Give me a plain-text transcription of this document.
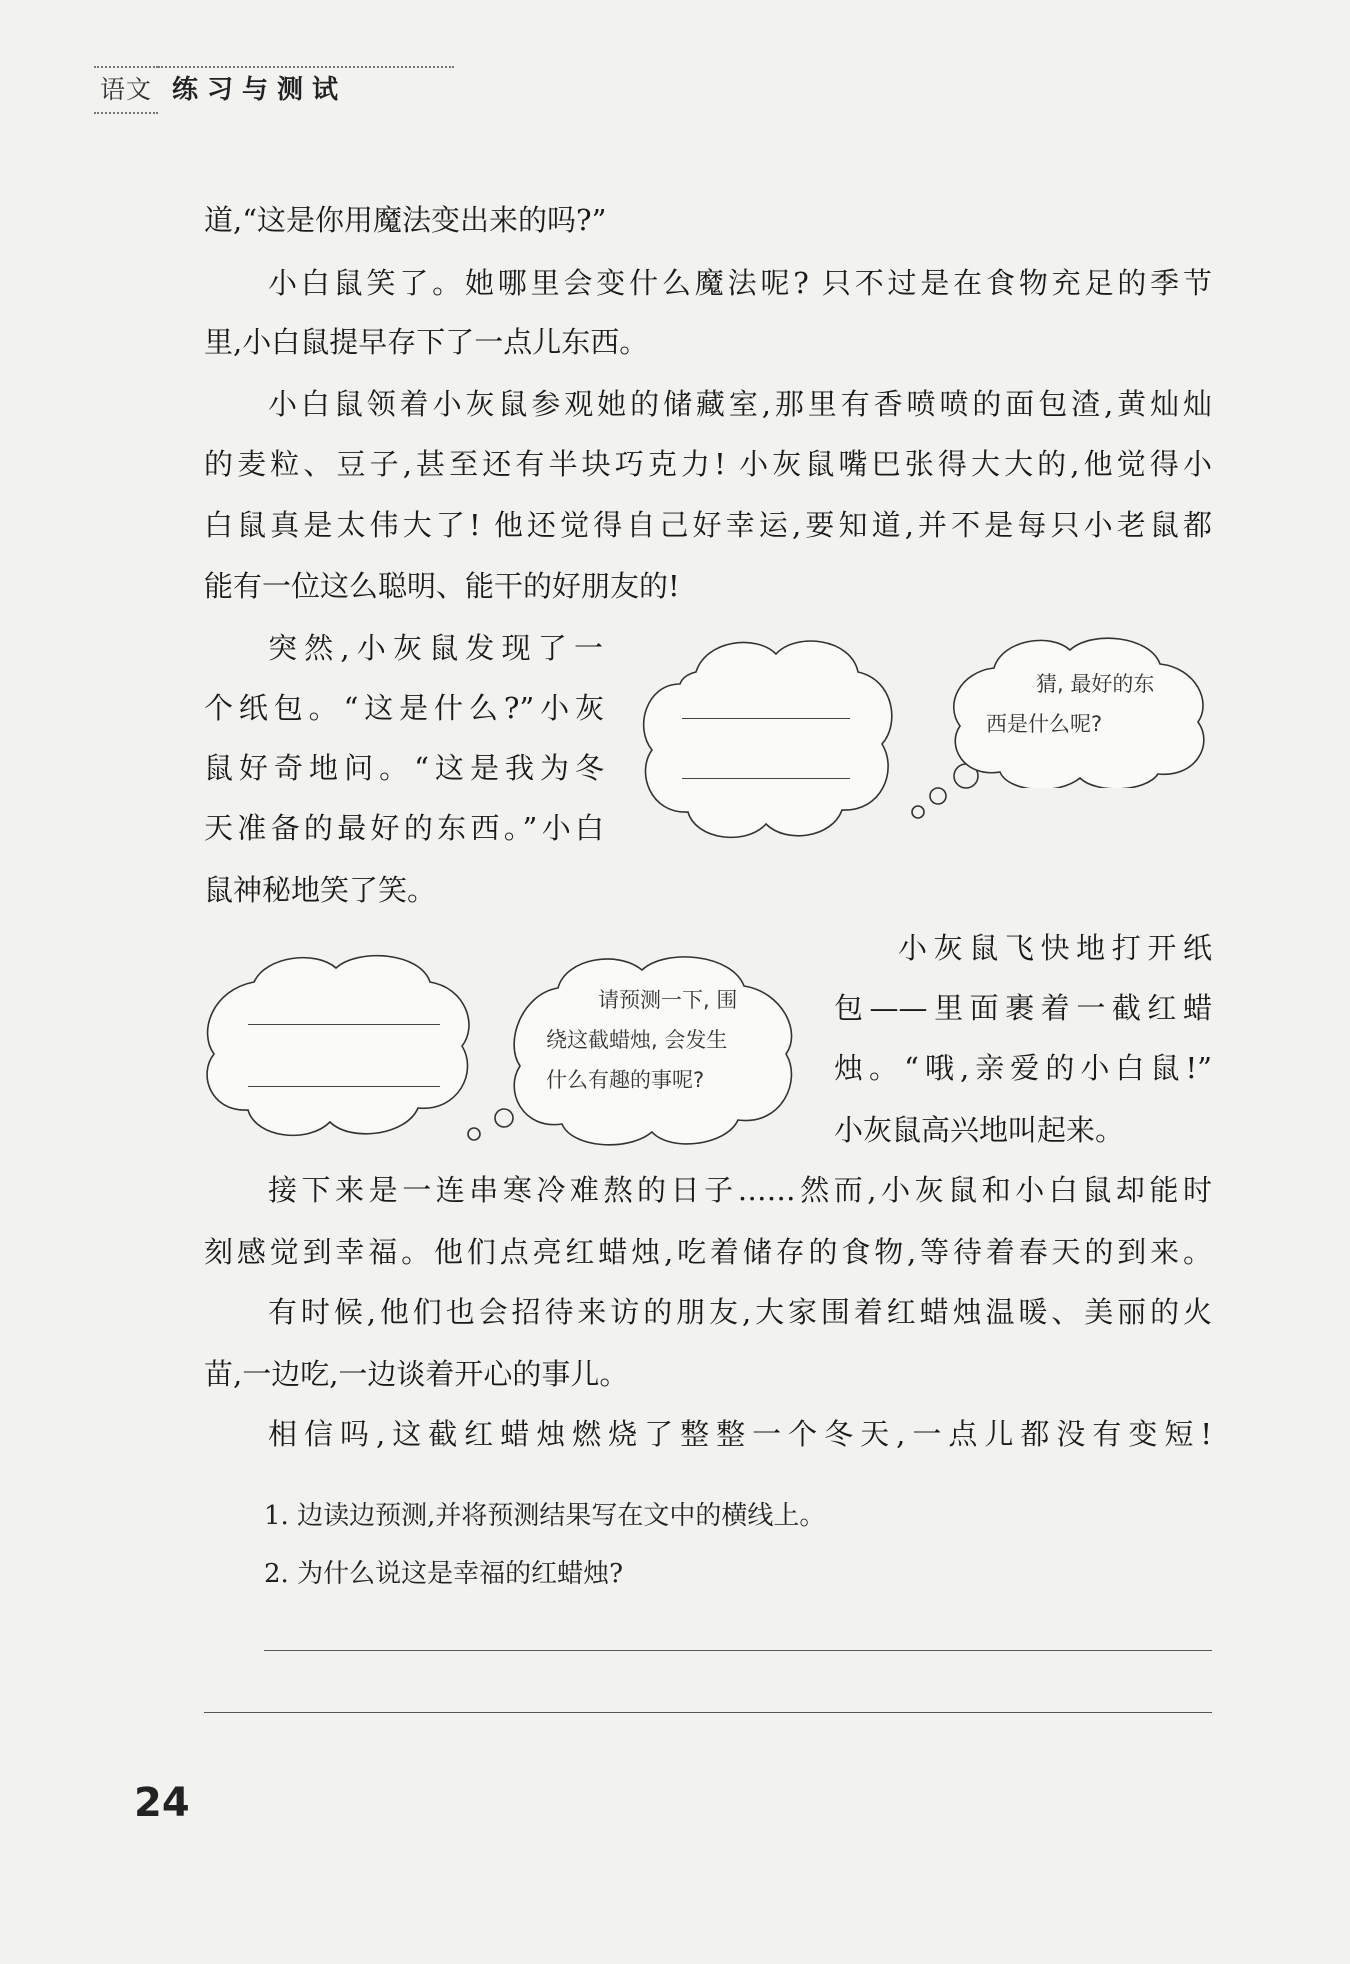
语文 练习与测试

道,“这是你用魔法变出来的吗?”

小白鼠笑了。她哪里会变什么魔法呢? 只不过是在食物充足的季节

里,小白鼠提早存下了一点儿东西。

小白鼠领着小灰鼠参观她的储藏室,那里有香喷喷的面包渣,黄灿灿

的麦粒、豆子,甚至还有半块巧克力! 小灰鼠嘴巴张得大大的,他觉得小

白鼠真是太伟大了! 他还觉得自己好幸运,要知道,并不是每只小老鼠都

能有一位这么聪明、能干的好朋友的!

突然,小灰鼠发现了一

个纸包。“这是什么?”小灰

鼠好奇地问。“这是我为冬

天准备的最好的东西。”小白

鼠神秘地笑了笑。

小灰鼠飞快地打开纸

包——里面裹着一截红蜡

烛。“哦,亲爱的小白鼠!”

小灰鼠高兴地叫起来。

接下来是一连串寒冷难熬的日子……然而,小灰鼠和小白鼠却能时

刻感觉到幸福。他们点亮红蜡烛,吃着储存的食物,等待着春天的到来。

有时候,他们也会招待来访的朋友,大家围着红蜡烛温暖、美丽的火

苗,一边吃,一边谈着开心的事儿。

相信吗,这截红蜡烛燃烧了整整一个冬天,一点儿都没有变短!

猜, 最好的东
西是什么呢?
请预测一下, 围
绕这截蜡烛, 会发生
什么有趣的事呢?

1. 边读边预测,并将预测结果写在文中的横线上。

2. 为什么说这是幸福的红蜡烛?

24
